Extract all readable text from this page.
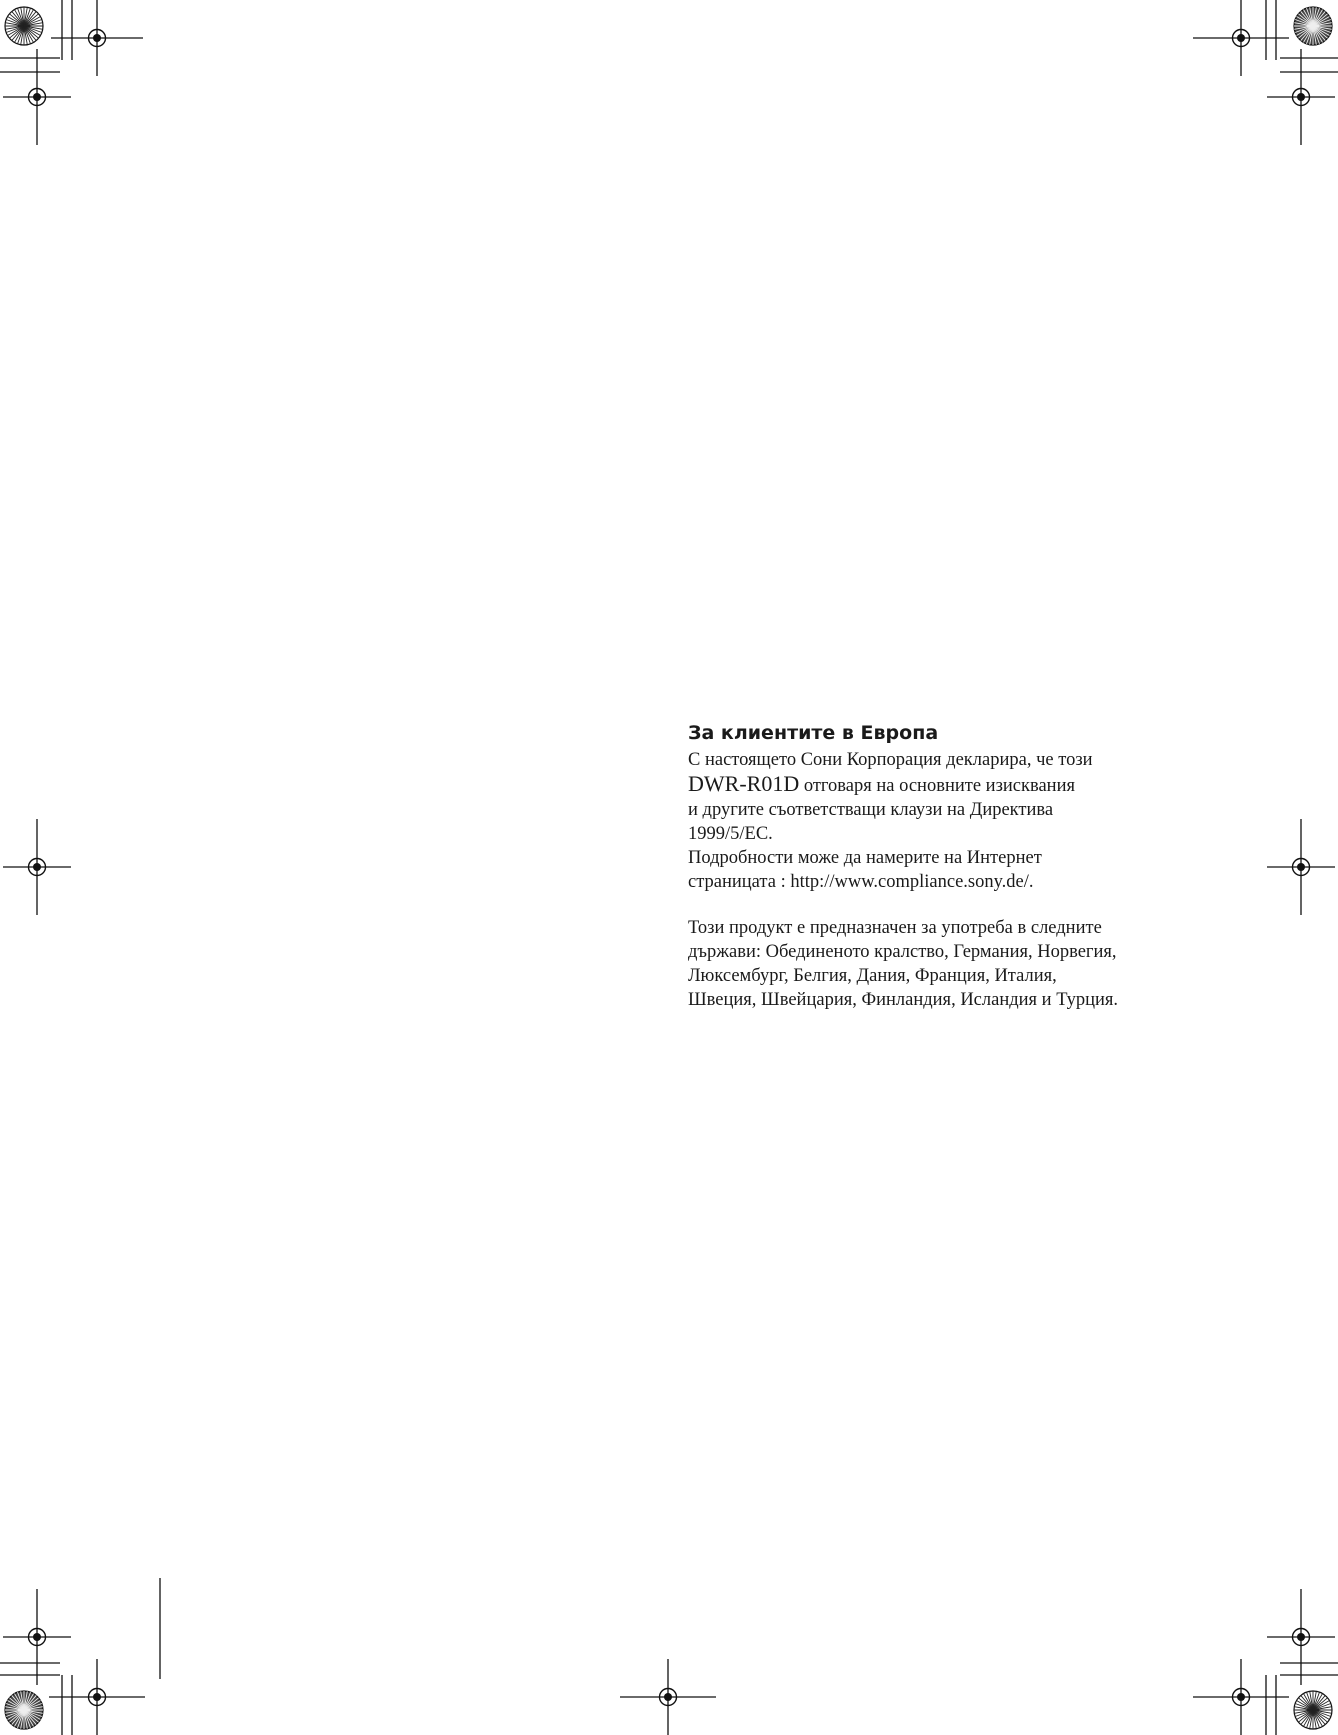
За клиентите в Европа

С настоящето Сони Корпорация декларира, че този

DWR-R01D отговаря на основните изисквания

и другите съответстващи клаузи на Директива

1999/5/ЕС.

Подробности може да намерите на Интернет

страницата : http://www.compliance.sony.de/.

Този продукт е предназначен за употреба в следните

държави: Обединеното кралство, Германия, Норвегия,

Люксембург, Белгия, Дания, Франция, Италия,

Швеция, Швейцария, Финландия, Исландия и Турция.
